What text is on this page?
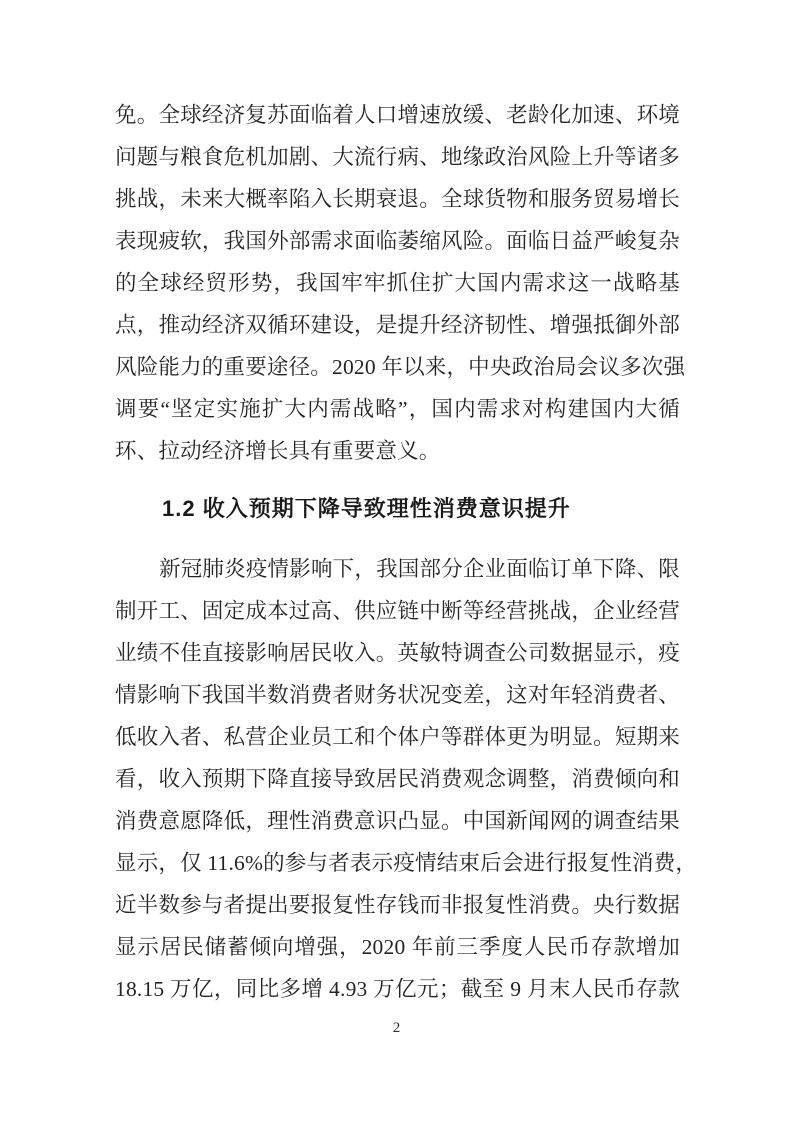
免。全球经济复苏面临着人口增速放缓、老龄化加速、环境
问题与粮食危机加剧、大流行病、地缘政治风险上升等诸多
挑战，未来大概率陷入长期衰退。全球货物和服务贸易增长
表现疲软，我国外部需求面临萎缩风险。面临日益严峻复杂
的全球经贸形势，我国牢牢抓住扩大国内需求这一战略基
点，推动经济双循环建设，是提升经济韧性、增强抵御外部
风险能力的重要途径。2020 年以来，中央政治局会议多次强
调要“坚定实施扩大内需战略”，国内需求对构建国内大循
环、拉动经济增长具有重要意义。
1.2 收入预期下降导致理性消费意识提升
新冠肺炎疫情影响下，我国部分企业面临订单下降、限
制开工、固定成本过高、供应链中断等经营挑战，企业经营
业绩不佳直接影响居民收入。英敏特调查公司数据显示，疫
情影响下我国半数消费者财务状况变差，这对年轻消费者、
低收入者、私营企业员工和个体户等群体更为明显。短期来
看，收入预期下降直接导致居民消费观念调整，消费倾向和
消费意愿降低，理性消费意识凸显。中国新闻网的调查结果
显示，仅 11.6%的参与者表示疫情结束后会进行报复性消费，
近半数参与者提出要报复性存钱而非报复性消费。央行数据
显示居民储蓄倾向增强，2020 年前三季度人民币存款增加
18.15 万亿，同比多增 4.93 万亿元；截至 9 月末人民币存款
2
